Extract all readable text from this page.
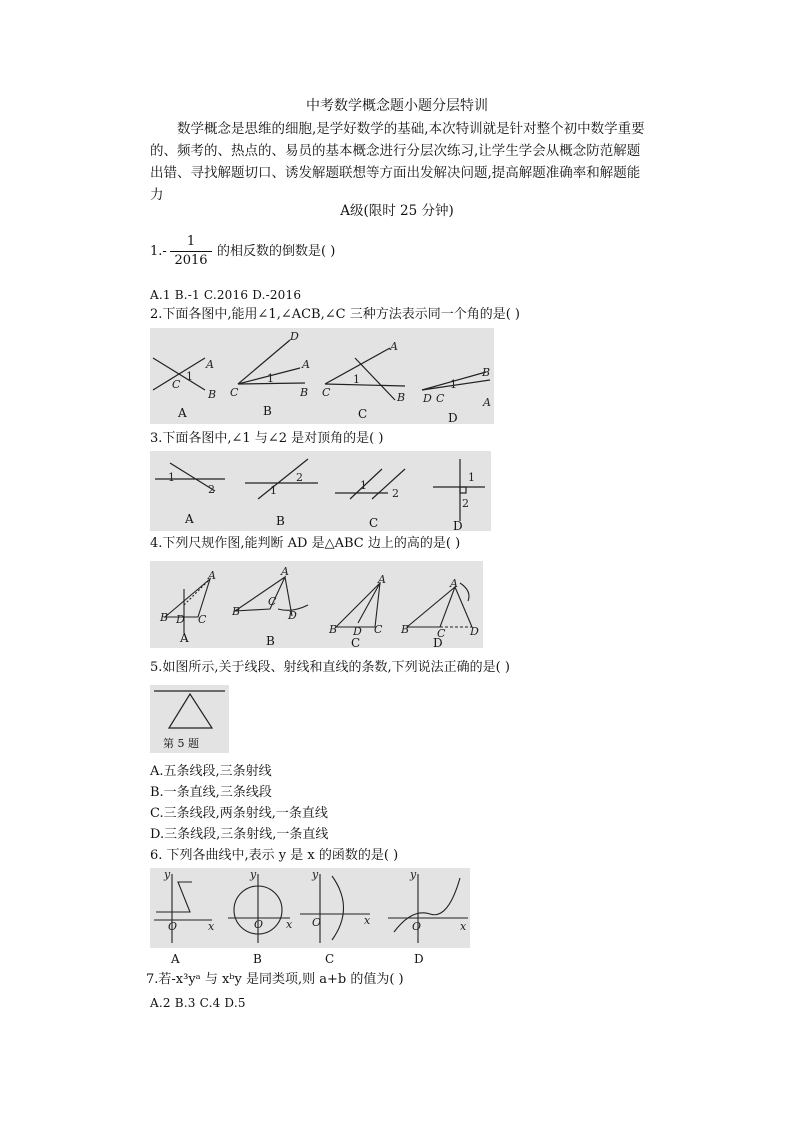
中考数学概念题小题分层特训
数学概念是思维的细胞,是学好数学的基础,本次特训就是针对整个初中数学重要的、频考的、热点的、易员的基本概念进行分层次练习,让学生学会从概念防范解题出错、寻找解题切口、诱发解题联想等方面出发解决问题,提高解题准确率和解题能力
A级(限时 25 分钟)
$1.- \frac{1}{2016}$ 的相反数的倒数是( )
A.1 B.-1 C.2016 D.-2016
2.下面各图中,能用∠1,∠ACB,∠C 三种方法表示同一个角的是( )
C
1
A
B C
1
D
A
B C
1
A
B D C
1
B
A
A	B	C	D
3.下面各图中,∠1 与∠2 是对顶角的是( )
1
2	1
2
1
2
1
2
A	B	C	D
4.下列尺规作图,能判断 AD 是△ABC 边上的高的是( )
A
B D C
A
B
C
D
A
B D C
A
B	C D
A	B	C	D
5.如图所示,关于线段、射线和直线的条数,下列说法正确的是( )
第 5 题
A.五条线段,三条射线
B.一条直线,三条线段
C.三条线段,两条射线,一条直线
D.三条线段,三条射线,一条直线
6. 下列各曲线中,表示 y 是 x 的函数的是( )
y
x
O
y
x
O
y
x
O
y
x
O
A	B	C	D
7.若-x³yᵃ 与 xᵇy 是同类项,则 a+b 的值为( )
A.2 B.3 C.4 D.5
